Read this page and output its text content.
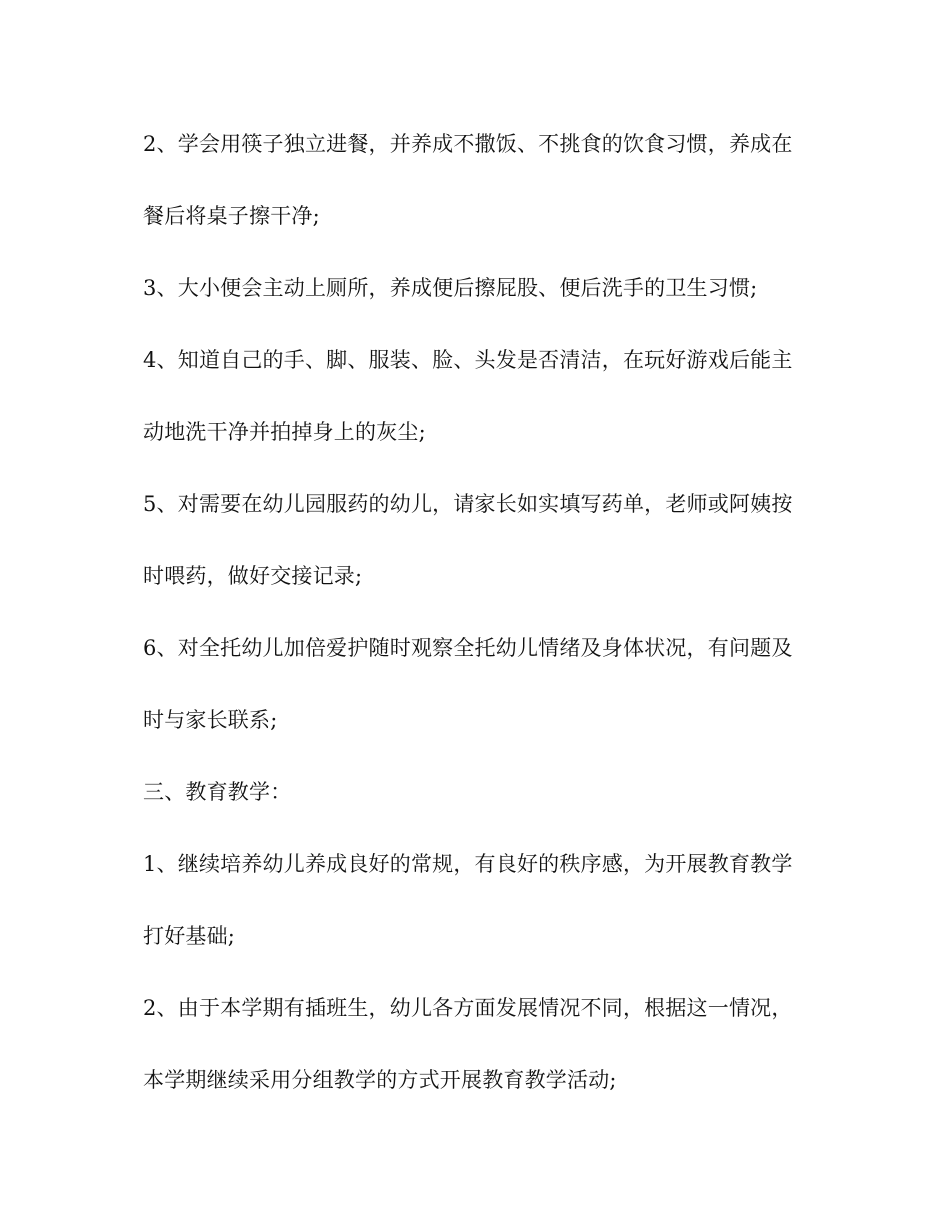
2、学会用筷子独立进餐，并养成不撒饭、不挑食的饮食习惯，养成在
餐后将桌子擦干净;
3、大小便会主动上厕所，养成便后擦屁股、便后洗手的卫生习惯;
4、知道自己的手、脚、服装、脸、头发是否清洁，在玩好游戏后能主
动地洗干净并拍掉身上的灰尘;
5、对需要在幼儿园服药的幼儿，请家长如实填写药单，老师或阿姨按
时喂药，做好交接记录;
6、对全托幼儿加倍爱护随时观察全托幼儿情绪及身体状况，有问题及
时与家长联系;
三、教育教学：
1、继续培养幼儿养成良好的常规，有良好的秩序感，为开展教育教学
打好基础;
2、由于本学期有插班生，幼儿各方面发展情况不同，根据这一情况，
本学期继续采用分组教学的方式开展教育教学活动;
